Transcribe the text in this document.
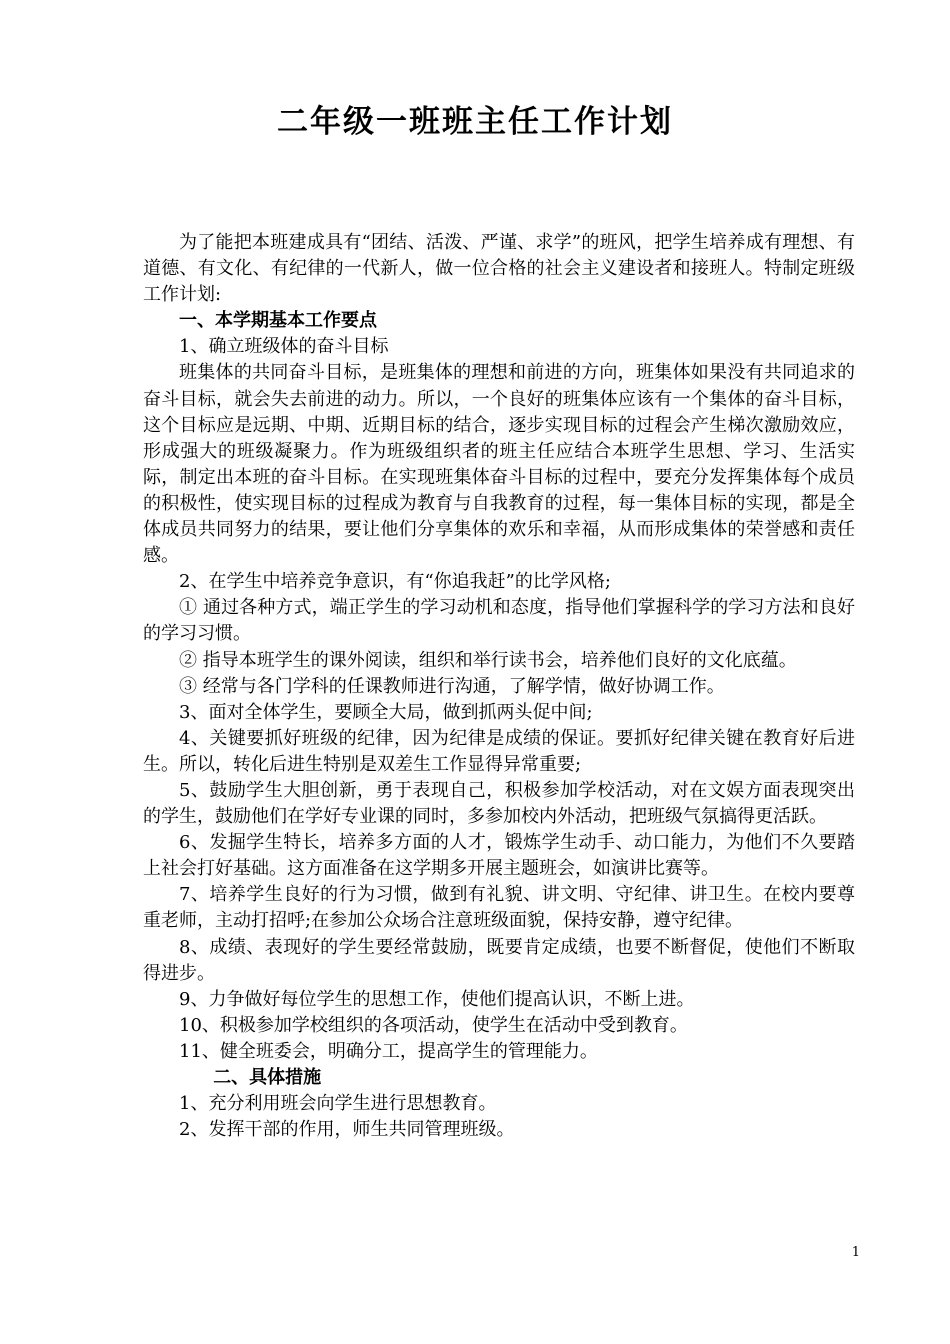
二年级一班班主任工作计划

为了能把本班建成具有“团结、活泼、严谨、求学”的班风，把学生培养成有理想、有道德、有文化、有纪律的一代新人，做一位合格的社会主义建设者和接班人。特制定班级工作计划:

一、本学期基本工作要点

1、确立班级体的奋斗目标

班集体的共同奋斗目标，是班集体的理想和前进的方向，班集体如果没有共同追求的奋斗目标，就会失去前进的动力。所以，一个良好的班集体应该有一个集体的奋斗目标，这个目标应是远期、中期、近期目标的结合，逐步实现目标的过程会产生梯次激励效应，形成强大的班级凝聚力。作为班级组织者的班主任应结合本班学生思想、学习、生活实际，制定出本班的奋斗目标。在实现班集体奋斗目标的过程中，要充分发挥集体每个成员的积极性，使实现目标的过程成为教育与自我教育的过程，每一集体目标的实现，都是全体成员共同努力的结果，要让他们分享集体的欢乐和幸福，从而形成集体的荣誉感和责任感。

2、在学生中培养竞争意识，有“你追我赶”的比学风格;

① 通过各种方式，端正学生的学习动机和态度，指导他们掌握科学的学习方法和良好的学习习惯。

② 指导本班学生的课外阅读，组织和举行读书会，培养他们良好的文化底蕴。

③ 经常与各门学科的任课教师进行沟通，了解学情，做好协调工作。

3、面对全体学生，要顾全大局，做到抓两头促中间;

4、关键要抓好班级的纪律，因为纪律是成绩的保证。要抓好纪律关键在教育好后进生。所以，转化后进生特别是双差生工作显得异常重要;

5、鼓励学生大胆创新，勇于表现自己，积极参加学校活动，对在文娱方面表现突出的学生，鼓励他们在学好专业课的同时，多参加校内外活动，把班级气氛搞得更活跃。

6、发掘学生特长，培养多方面的人才，锻炼学生动手、动口能力，为他们不久要踏上社会打好基础。这方面准备在这学期多开展主题班会，如演讲比赛等。

7、培养学生良好的行为习惯，做到有礼貌、讲文明、守纪律、讲卫生。在校内要尊重老师，主动打招呼;在参加公众场合注意班级面貌，保持安静，遵守纪律。

8、成绩、表现好的学生要经常鼓励，既要肯定成绩，也要不断督促，使他们不断取得进步。

9、力争做好每位学生的思想工作，使他们提高认识，不断上进。

10、积极参加学校组织的各项活动，使学生在活动中受到教育。

11、健全班委会，明确分工，提高学生的管理能力。

二、具体措施

1、充分利用班会向学生进行思想教育。

2、发挥干部的作用，师生共同管理班级。

1
